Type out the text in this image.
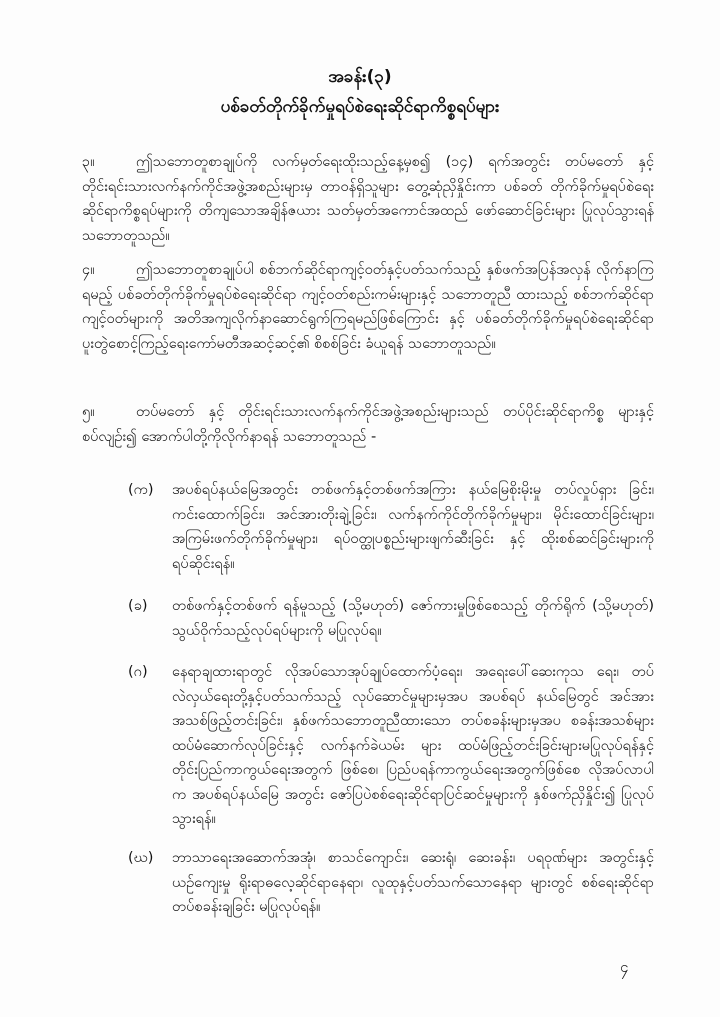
အခန်း(၃)
ပစ်ခတ်တိုက်ခိုက်မှုရပ်စဲရေးဆိုင်ရာကိစ္စရပ်များ
၃။	ဤသဘောတူစာချုပ်ကို လက်မှတ်ရေးထိုးသည့်နေ့မှစ၍ (၁၄) ရက်အတွင်း တပ်မတော် နှင့် တိုင်းရင်းသားလက်နက်ကိုင်အဖွဲ့အစည်းများမှ တာဝန်ရှိသူများ တွေ့ဆုံညှိနှိုင်းကာ ပစ်ခတ် တိုက်ခိုက်မှုရပ်စဲရေးဆိုင်ရာကိစ္စရပ်များကို တိကျသောအချိန်ဇယား သတ်မှတ်အကောင်အထည် ဖော်ဆောင်ခြင်းများ ပြုလုပ်သွားရန် သဘောတူသည်။
၄။	ဤသဘောတူစာချုပ်ပါ စစ်ဘက်ဆိုင်ရာကျင့်ဝတ်နှင့်ပတ်သက်သည့် နှစ်ဖက်အပြန်အလှန် လိုက်နာကြရမည့် ပစ်ခတ်တိုက်ခိုက်မှုရပ်စဲရေးဆိုင်ရာ ကျင့်ဝတ်စည်းကမ်းများနှင့် သဘောတူညီ ထားသည့် စစ်ဘက်ဆိုင်ရာကျင့်ဝတ်များကို အတိအကျလိုက်နာဆောင်ရွက်ကြရမည်ဖြစ်ကြောင်း နှင့် ပစ်ခတ်တိုက်ခိုက်မှုရပ်စဲရေးဆိုင်ရာ ပူးတွဲစောင့်ကြည့်ရေးကော်မတီအဆင့်ဆင့်၏ စိစစ်ခြင်း ခံယူရန် သဘောတူသည်။
၅။	တပ်မတော် နှင့် တိုင်းရင်းသားလက်နက်ကိုင်အဖွဲ့အစည်းများသည် တပ်ပိုင်းဆိုင်ရာကိစ္စ များနှင့်စပ်လျဉ်း၍ အောက်ပါတို့ကိုလိုက်နာရန် သဘောတူသည် -
(က)	အပစ်ရပ်နယ်မြေအတွင်း တစ်ဖက်နှင့်တစ်ဖက်အကြား နယ်မြေစိုးမိုးမှု တပ်လှုပ်ရှား ခြင်း၊ ကင်းထောက်ခြင်း၊ အင်အားတိုးချဲ့ခြင်း၊ လက်နက်ကိုင်တိုက်ခိုက်မှုများ၊ မိုင်းထောင်ခြင်းများ၊ အကြမ်းဖက်တိုက်ခိုက်မှုများ၊ ရပ်ဝတ္ထုပစ္စည်းများဖျက်ဆီးခြင်း နှင့် ထိုးစစ်ဆင်ခြင်းများကို ရပ်ဆိုင်းရန်။
(ခ)	တစ်ဖက်နှင့်တစ်ဖက် ရန်မူသည့် (သို့မဟုတ်) ဇော်ကားမှုဖြစ်စေသည့် တိုက်ရိုက် (သို့မဟုတ်) သွယ်ဝိုက်သည့်လုပ်ရပ်များကို မပြုလုပ်ရ။
(ဂ)	နေရာချထားရာတွင် လိုအပ်သောအုပ်ချုပ်ထောက်ပံ့ရေး၊ အရေးပေါ်ဆေးကုသ ရေး၊ တပ်လဲလှယ်ရေးတို့နှင့်ပတ်သက်သည့် လုပ်ဆောင်မှုများမှအပ အပစ်ရပ် နယ်မြေတွင် အင်အားအသစ်ဖြည့်တင်းခြင်း၊ နှစ်ဖက်သဘောတူညီထားသော တပ်စခန်းများမှအပ စခန်းအသစ်များထပ်မံဆောက်လုပ်ခြင်းနှင့် လက်နက်ခဲယမ်း များ ထပ်မံဖြည့်တင်းခြင်းများမပြုလုပ်ရန်နှင့် တိုင်းပြည်ကာကွယ်ရေးအတွက် ဖြစ်စေ၊ ပြည်ပရန်ကာကွယ်ရေးအတွက်ဖြစ်စေ လိုအပ်လာပါက အပစ်ရပ်နယ်မြေ အတွင်း ဇော်ပြပဲစစ်ရေးဆိုင်ရာပြင်ဆင်မှုများကို နှစ်ဖက်ညှိနှိုင်း၍ ပြုလုပ်သွားရန်။
(ဃ)	ဘာသာရေးအဆောက်အအုံ၊ စာသင်ကျောင်း၊ ဆေးရုံ၊ ဆေးခန်း၊ ပရဝုဏ်များ အတွင်းနှင့် ယဉ်ကျေးမှု ရိုးရာဓလေ့ဆိုင်ရာနေရာ၊ လူထုနှင့်ပတ်သက်သောနေရာ များတွင် စစ်ရေးဆိုင်ရာတပ်စခန်းချခြင်း မပြုလုပ်ရန်။
၄
